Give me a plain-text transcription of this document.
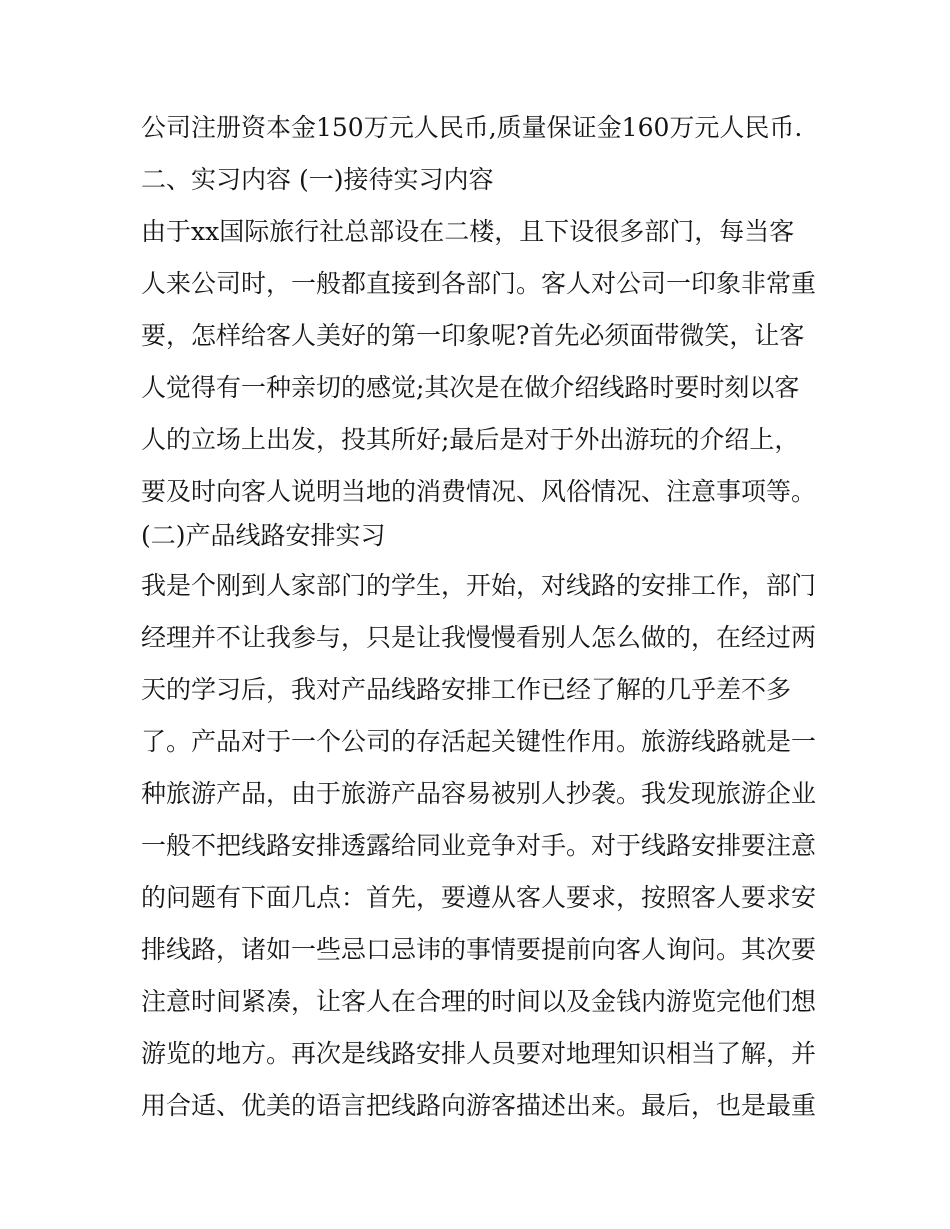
公司注册资本金150万元人民币,质量保证金160万元人民币.
二、实习内容 (一)接待实习内容
由于xx国际旅行社总部设在二楼，且下设很多部门，每当客
人来公司时，一般都直接到各部门。客人对公司一印象非常重
要，怎样给客人美好的第一印象呢?首先必须面带微笑，让客
人觉得有一种亲切的感觉;其次是在做介绍线路时要时刻以客
人的立场上出发，投其所好;最后是对于外出游玩的介绍上，
要及时向客人说明当地的消费情况、风俗情况、注意事项等。
(二)产品线路安排实习
我是个刚到人家部门的学生，开始，对线路的安排工作，部门
经理并不让我参与，只是让我慢慢看别人怎么做的，在经过两
天的学习后，我对产品线路安排工作已经了解的几乎差不多
了。产品对于一个公司的存活起关键性作用。旅游线路就是一
种旅游产品，由于旅游产品容易被别人抄袭。我发现旅游企业
一般不把线路安排透露给同业竞争对手。对于线路安排要注意
的问题有下面几点：首先，要遵从客人要求，按照客人要求安
排线路，诸如一些忌口忌讳的事情要提前向客人询问。其次要
注意时间紧凑，让客人在合理的时间以及金钱内游览完他们想
游览的地方。再次是线路安排人员要对地理知识相当了解，并
用合适、优美的语言把线路向游客描述出来。最后，也是最重
